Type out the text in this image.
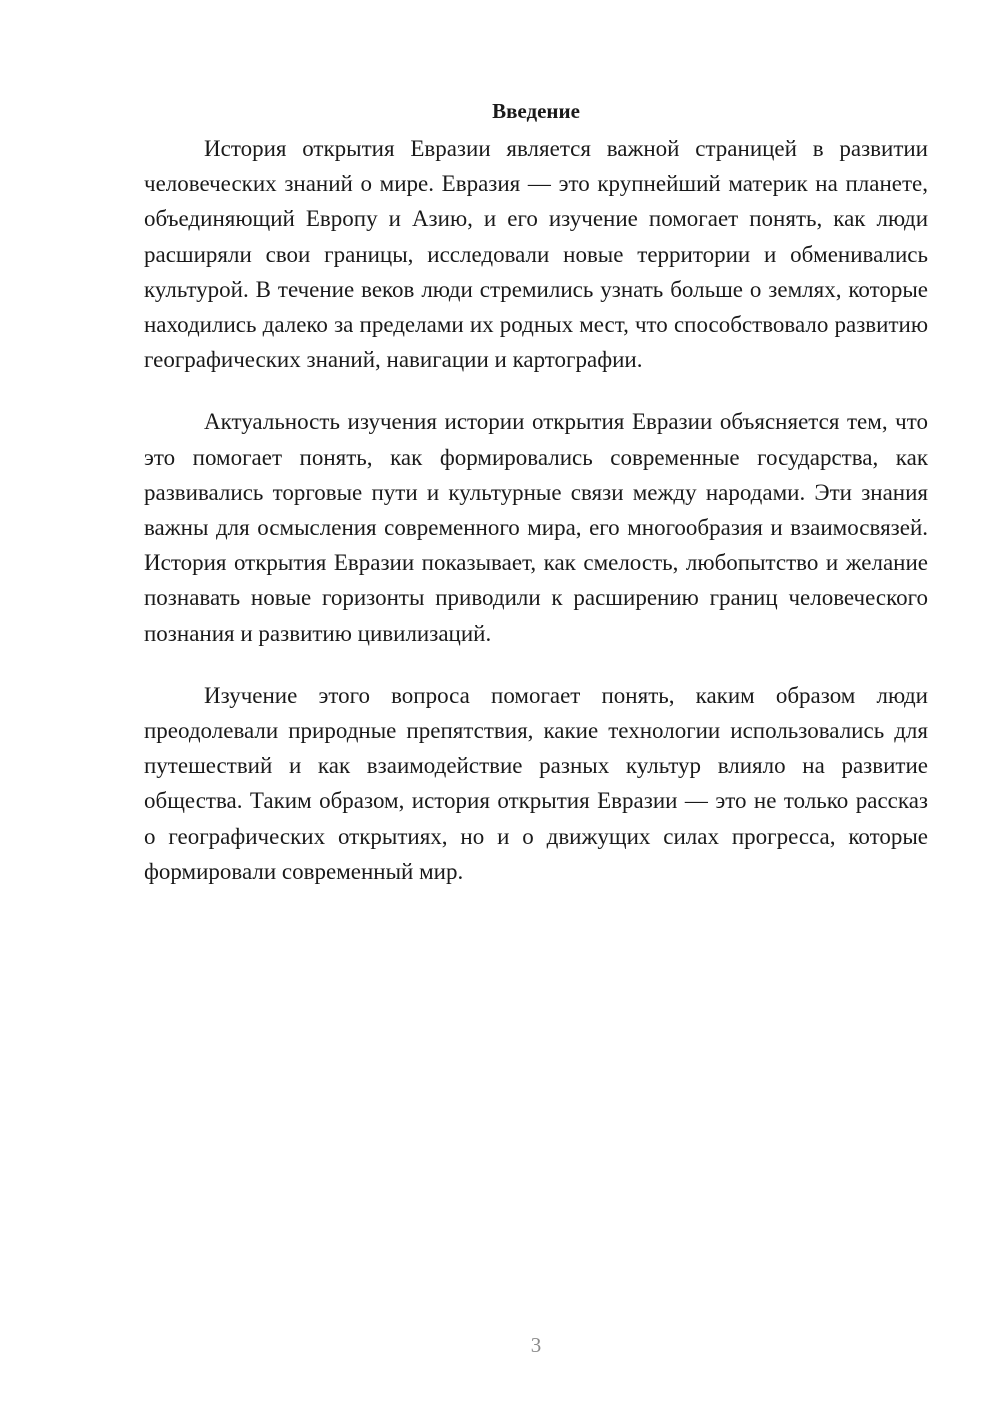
Введение

История открытия Евразии является важной страницей в развитии человеческих знаний о мире. Евразия — это крупнейший материк на планете, объединяющий Европу и Азию, и его изучение помогает понять, как люди расширяли свои границы, исследовали новые территории и обменивались культурой. В течение веков люди стремились узнать больше о землях, которые находились далеко за пределами их родных мест, что способствовало развитию географических знаний, навигации и картографии.

Актуальность изучения истории открытия Евразии объясняется тем, что это помогает понять, как формировались современные государства, как развивались торговые пути и культурные связи между народами. Эти знания важны для осмысления современного мира, его многообразия и взаимосвязей. История открытия Евразии показывает, как смелость, любопытство и желание познавать новые горизонты приводили к расширению границ человеческого познания и развитию цивилизаций.

Изучение этого вопроса помогает понять, каким образом люди преодолевали природные препятствия, какие технологии использовались для путешествий и как взаимодействие разных культур влияло на развитие общества. Таким образом, история открытия Евразии — это не только рассказ о географических открытиях, но и о движущих силах прогресса, которые формировали современный мир.

3
